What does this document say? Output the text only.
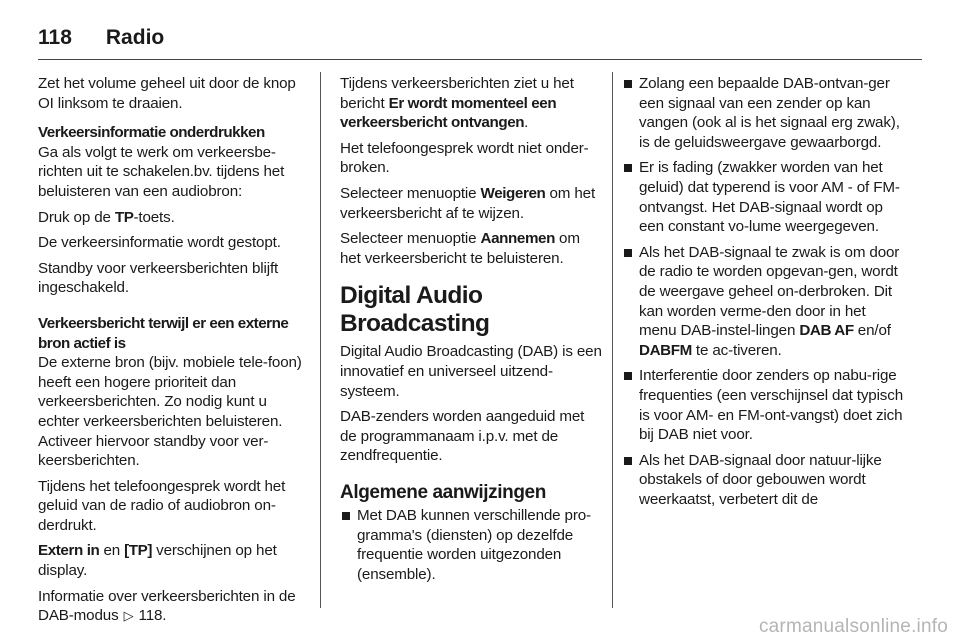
118 Radio

Zet het volume geheel uit door de knop OI linksom te draaien.

Verkeersinformatie onderdrukken

Ga als volgt te werk om verkeersbe-richten uit te schakelen.bv. tijdens het beluisteren van een audiobron:

Druk op de TP-toets.

De verkeersinformatie wordt gestopt.

Standby voor verkeersberichten blijft ingeschakeld.

Verkeersbericht terwijl er een externe bron actief is

De externe bron (bijv. mobiele tele-foon) heeft een hogere prioriteit dan verkeersberichten. Zo nodig kunt u echter verkeersberichten beluisteren. Activeer hiervoor standby voor ver-keersberichten.

Tijdens het telefoongesprek wordt het geluid van de radio of audiobron on-derdrukt.

Extern in en [TP] verschijnen op het display.

Informatie over verkeersberichten in de DAB-modus ▷ 118.

Tijdens verkeersberichten ziet u het bericht Er wordt momenteel een verkeersbericht ontvangen.

Het telefoongesprek wordt niet onder-broken.

Selecteer menuoptie Weigeren om het verkeersbericht af te wijzen.

Selecteer menuoptie Aannemen om het verkeersbericht te beluisteren.

Digital Audio Broadcasting

Digital Audio Broadcasting (DAB) is een innovatief en universeel uitzend-systeem.

DAB-zenders worden aangeduid met de programmanaam i.p.v. met de zendfrequentie.

Algemene aanwijzingen
Met DAB kunnen verschillende pro-gramma's (diensten) op dezelfde frequentie worden uitgezonden (ensemble).
Zolang een bepaalde DAB-ontvan-ger een signaal van een zender op kan vangen (ook al is het signaal erg zwak), is de geluidsweergave gewaarborgd.
Er is fading (zwakker worden van het geluid) dat typerend is voor AM - of FM-ontvangst. Het DAB-signaal wordt op een constant vo-lume weergegeven.
Als het DAB-signaal te zwak is om door de radio te worden opgevan-gen, wordt de weergave geheel on-derbroken. Dit kan worden verme-den door in het menu DAB-instel-lingen DAB AF en/of DABFM te ac-tiveren.
Interferentie door zenders op nabu-rige frequenties (een verschijnsel dat typisch is voor AM- en FM-ont-vangst) doet zich bij DAB niet voor.
Als het DAB-signaal door natuur-lijke obstakels of door gebouwen wordt weerkaatst, verbetert dit de
carmanualsonline.info
